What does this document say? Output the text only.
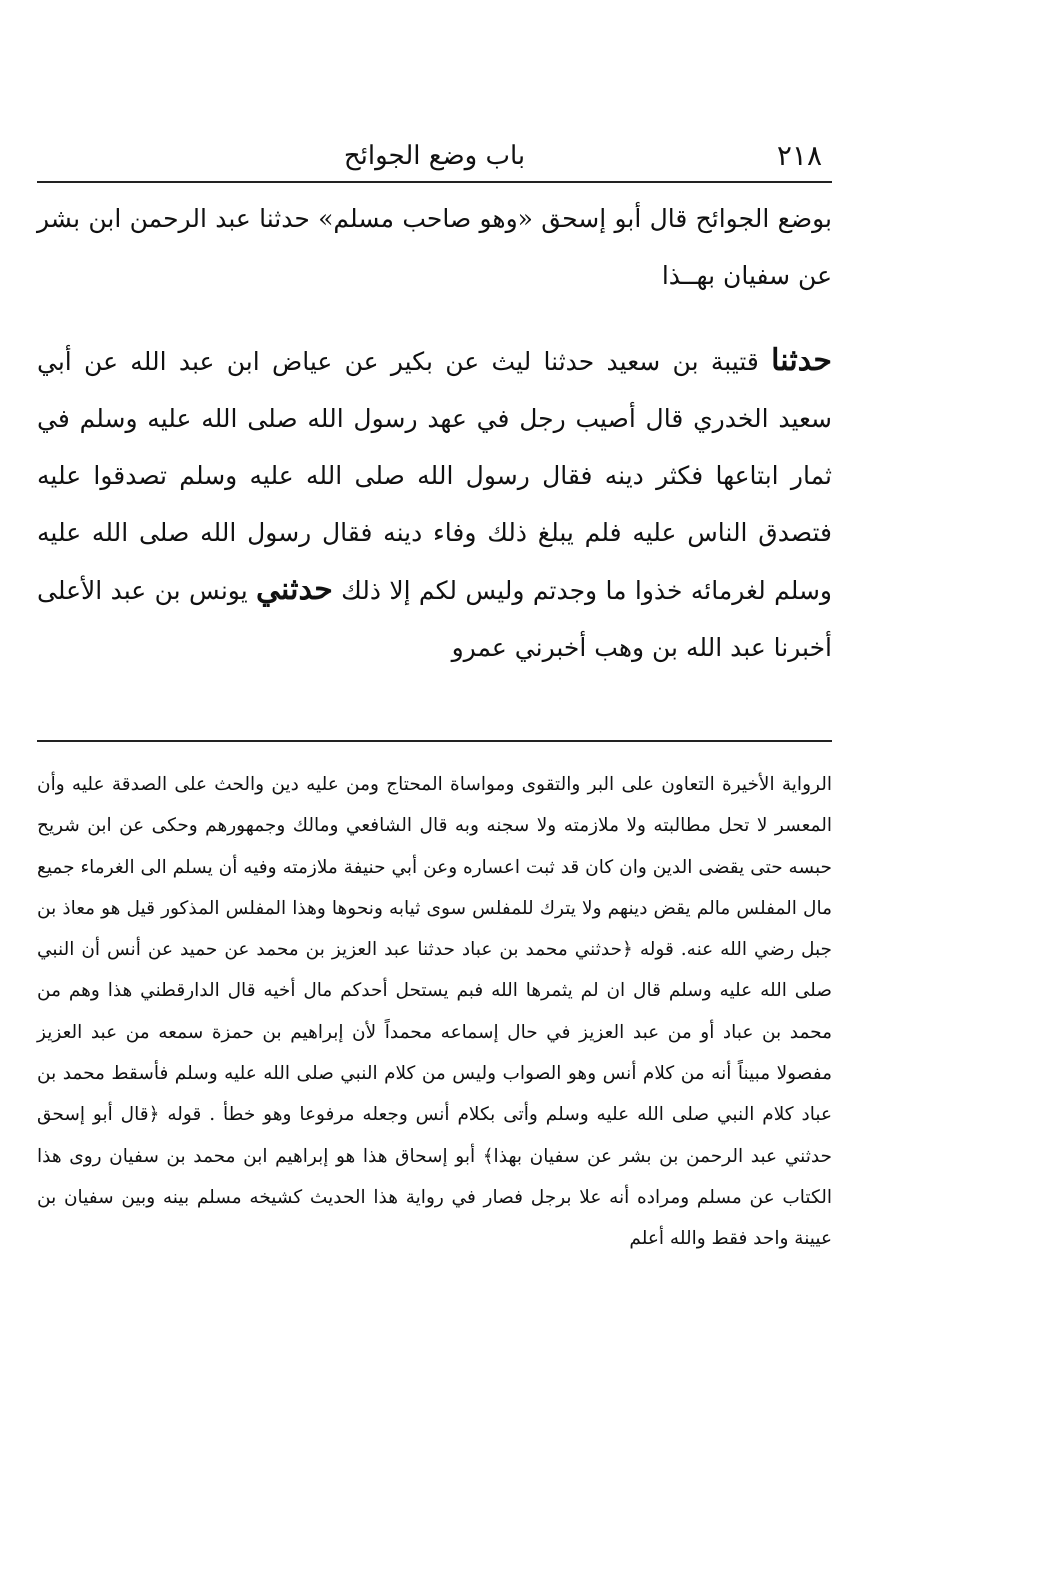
٢١٨
باب وضع الجوائح

بوضع الجوائح قال أبو إسحق «وهو صاحب مسلم» حدثنا عبد الرحمن ابن بشر عن سفيان بهــذا

حدثنا قتيبة بن سعيد حدثنا ليث عن بكير عن عياض ابن عبد الله عن أبي سعيد الخدري قال أصيب رجل في عهد رسول الله صلى الله عليه وسلم في ثمار ابتاعها فكثر دينه فقال رسول الله صلى الله عليه وسلم تصدقوا عليه فتصدق الناس عليه فلم يبلغ ذلك وفاء دينه فقال رسول الله صلى الله عليه وسلم لغرمائه خذوا ما وجدتم وليس لكم إلا ذلك حدثني يونس بن عبد الأعلى أخبرنا عبد الله بن وهب أخبرني عمرو

الرواية الأخيرة التعاون على البر والتقوى ومواساة المحتاج ومن عليه دين والحث على الصدقة عليه وأن المعسر لا تحل مطالبته ولا ملازمته ولا سجنه وبه قال الشافعي ومالك وجمهورهم وحكى عن ابن شريح حبسه حتى يقضى الدين وان كان قد ثبت اعساره وعن أبي حنيفة ملازمته وفيه أن يسلم الى الغرماء جميع مال المفلس مالم يقض دينهم ولا يترك للمفلس سوى ثيابه ونحوها وهذا المفلس المذكور قيل هو معاذ بن جبل رضي الله عنه. قوله ﴿حدثني محمد بن عباد حدثنا عبد العزيز بن محمد عن حميد عن أنس أن النبي صلى الله عليه وسلم قال ان لم يثمرها الله فبم يستحل أحدكم مال أخيه قال الدارقطني هذا وهم من محمد بن عباد أو من عبد العزيز في حال إسماعه محمداً لأن إبراهيم بن حمزة سمعه من عبد العزيز مفصولا مبيناً أنه من كلام أنس وهو الصواب وليس من كلام النبي صلى الله عليه وسلم فأسقط محمد بن عباد كلام النبي صلى الله عليه وسلم وأتى بكلام أنس وجعله مرفوعا وهو خطأ . قوله ﴿قال أبو إسحق حدثني عبد الرحمن بن بشر عن سفيان بهذا﴾ أبو إسحاق هذا هو إبراهيم ابن محمد بن سفيان روى هذا الكتاب عن مسلم ومراده أنه علا برجل فصار في رواية هذا الحديث كشيخه مسلم بينه وبين سفيان بن عيينة واحد فقط والله أعلم
